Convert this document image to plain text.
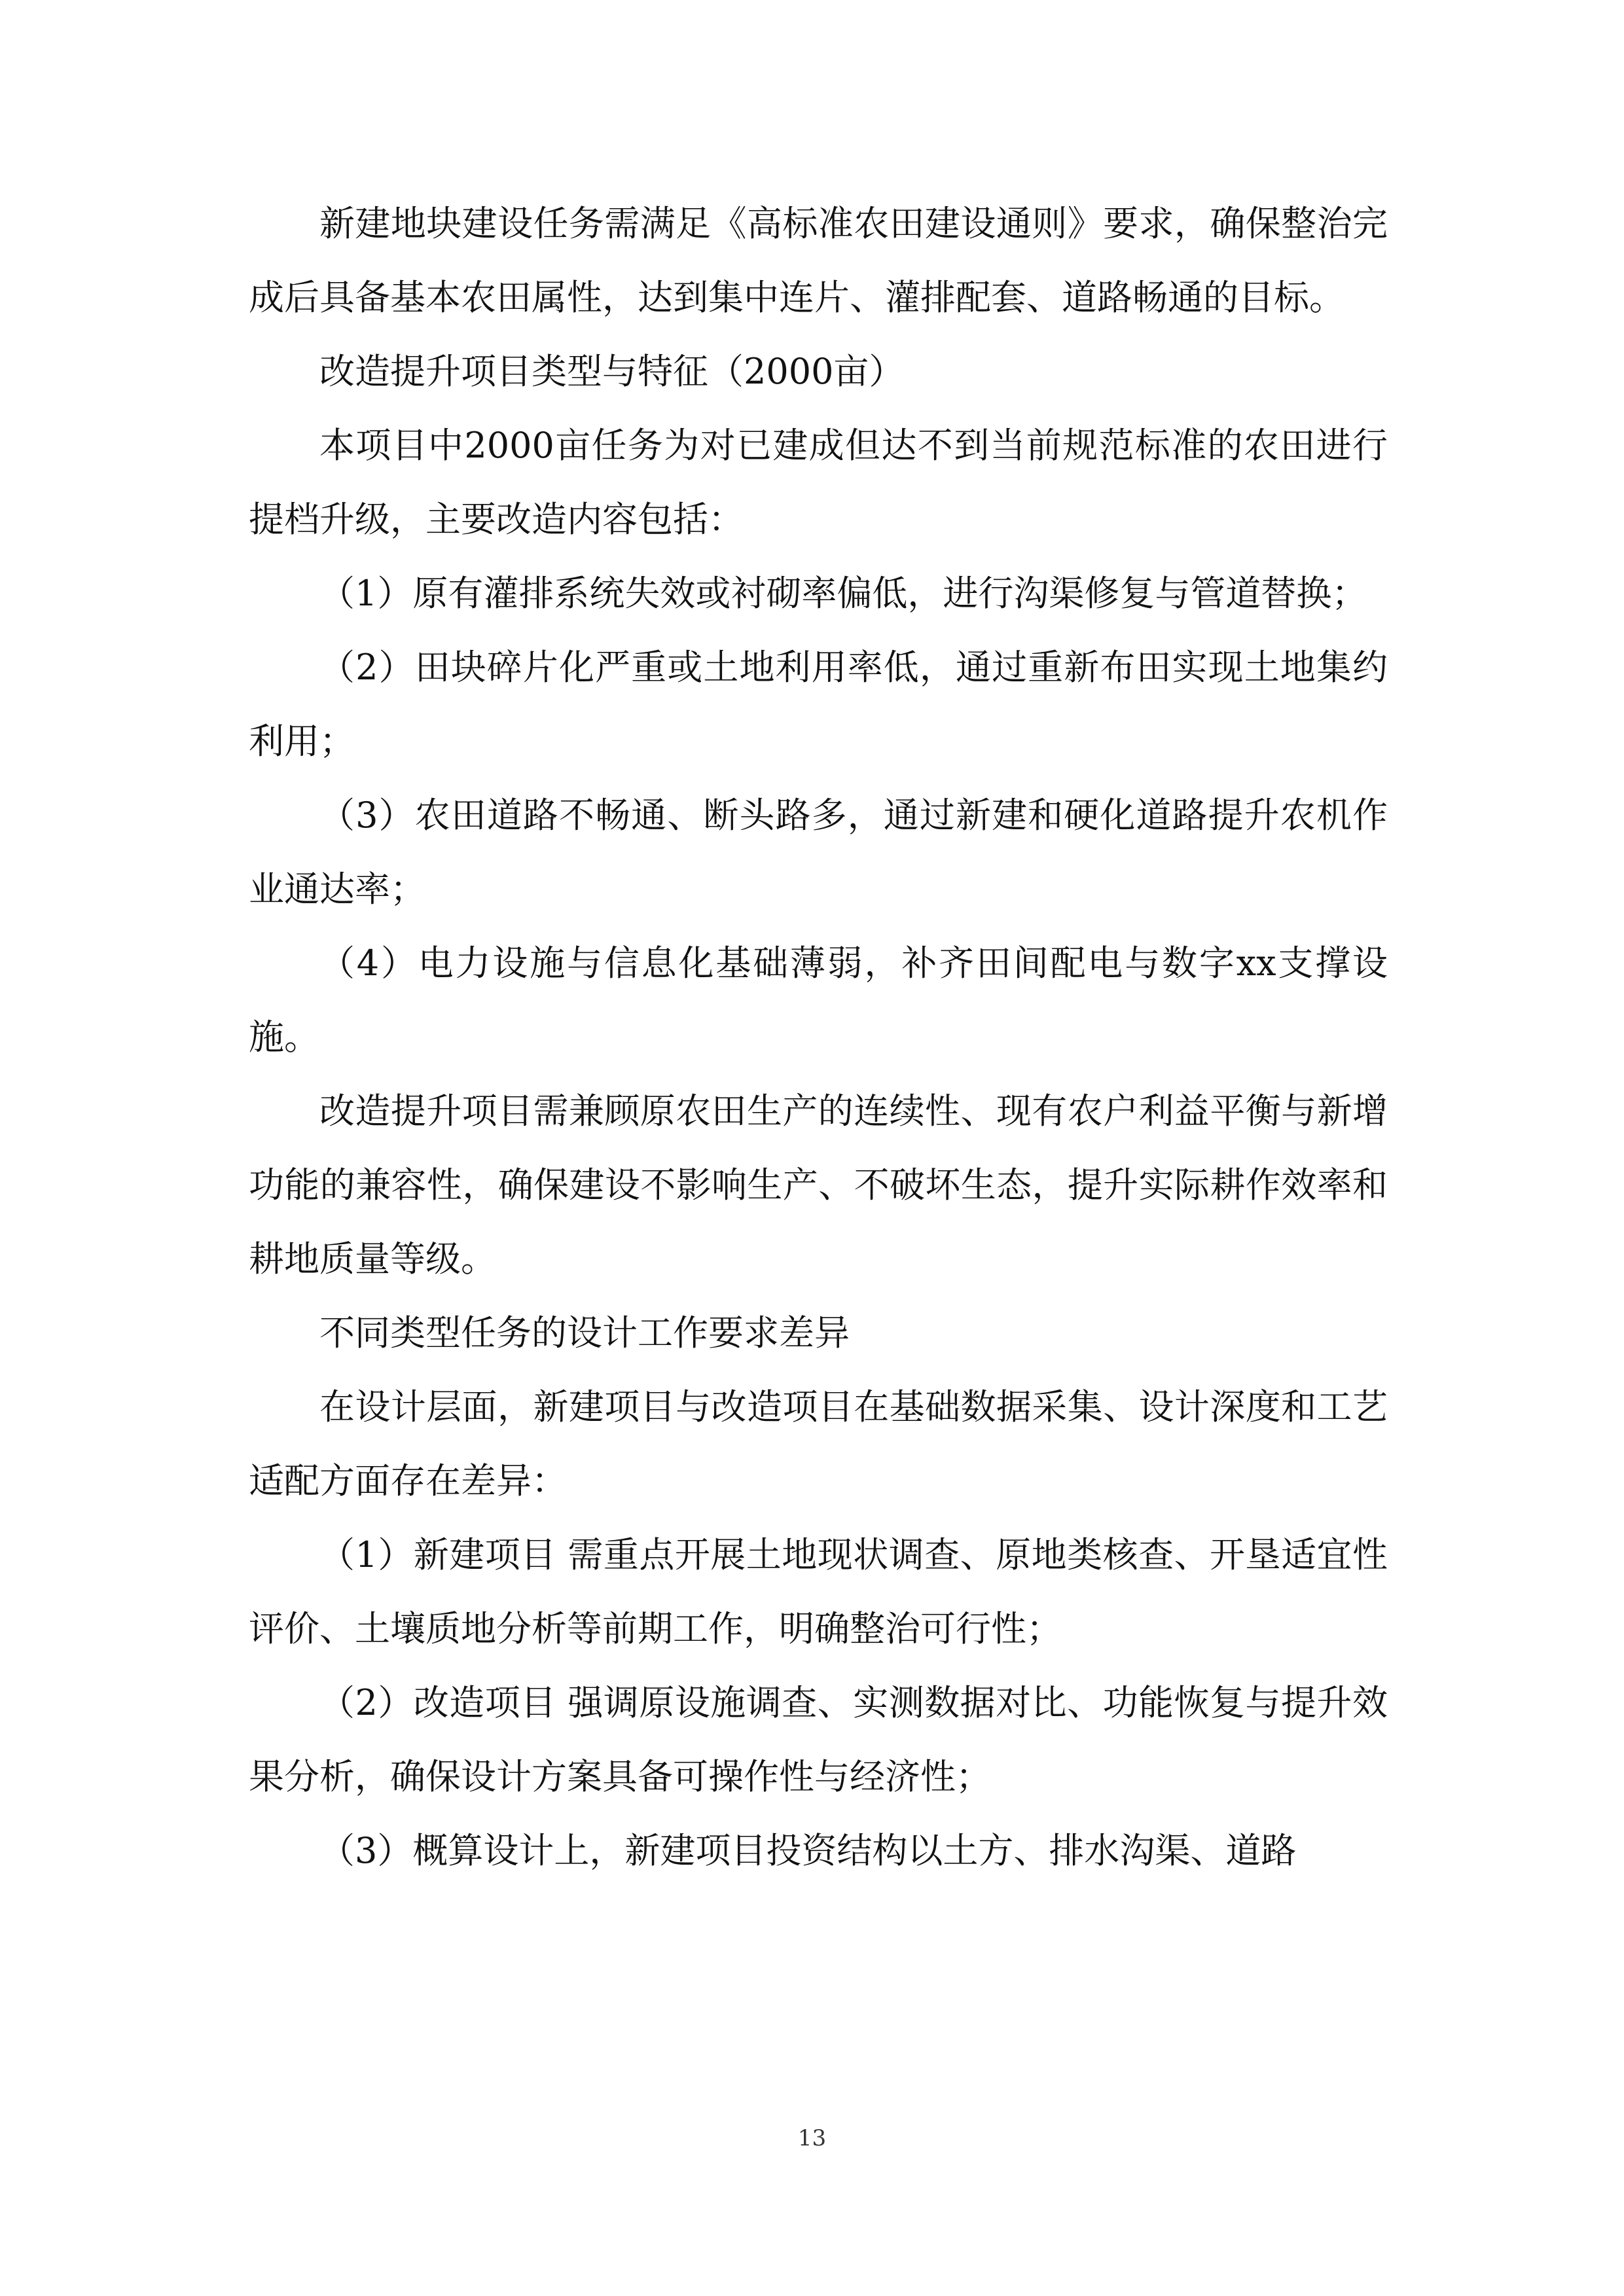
新建地块建设任务需满足《高标准农田建设通则》要求，确保整治完成后具备基本农田属性，达到集中连片、灌排配套、道路畅通的目标。

改造提升项目类型与特征（2000亩）

本项目中2000亩任务为对已建成但达不到当前规范标准的农田进行提档升级，主要改造内容包括：

（1）原有灌排系统失效或衬砌率偏低，进行沟渠修复与管道替换；

（2）田块碎片化严重或土地利用率低，通过重新布田实现土地集约利用；

（3）农田道路不畅通、断头路多，通过新建和硬化道路提升农机作业通达率；

（4）电力设施与信息化基础薄弱，补齐田间配电与数字xx支撑设施。

改造提升项目需兼顾原农田生产的连续性、现有农户利益平衡与新增功能的兼容性，确保建设不影响生产、不破坏生态，提升实际耕作效率和耕地质量等级。

不同类型任务的设计工作要求差异

在设计层面，新建项目与改造项目在基础数据采集、设计深度和工艺适配方面存在差异：

（1）新建项目 需重点开展土地现状调查、原地类核查、开垦适宜性评价、土壤质地分析等前期工作，明确整治可行性；

（2）改造项目 强调原设施调查、实测数据对比、功能恢复与提升效果分析，确保设计方案具备可操作性与经济性；

（3）概算设计上，新建项目投资结构以土方、排水沟渠、道路

13
